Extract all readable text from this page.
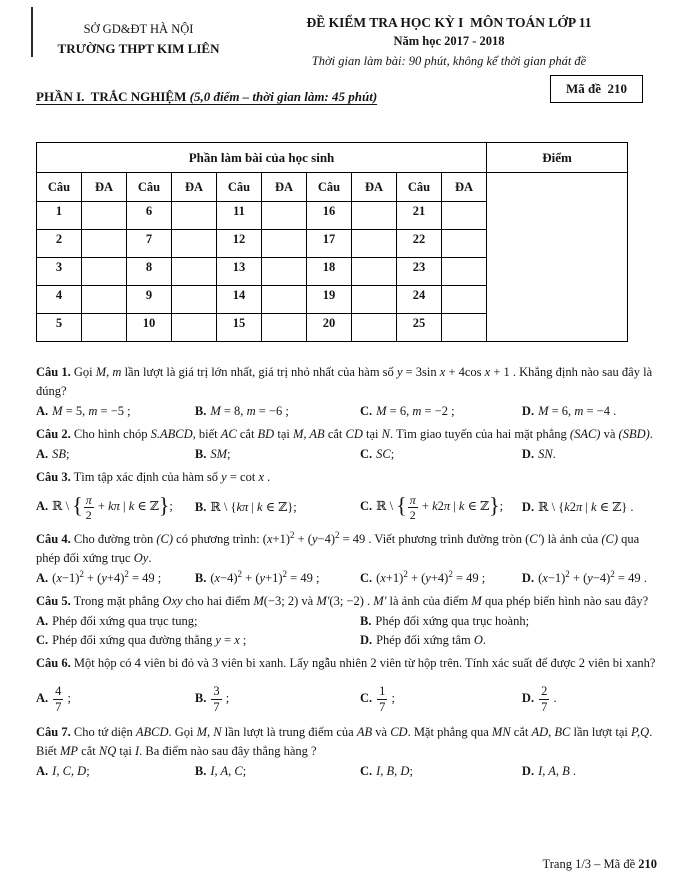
SỞ GD&ĐT HÀ NỘI
TRƯỜNG THPT KIM LIÊN
ĐỀ KIỂM TRA HỌC KỲ I  MÔN TOÁN LỚP 11
Năm học 2017 - 2018
Thời gian làm bài: 90 phút, không kể thời gian phát đề
PHẦN I.  TRẮC NGHIỆM (5,0 điểm – thời gian làm: 45 phút)
Mã đề  210
Phần làm bài của học sinh										Điểm
Câu	ĐA	Câu	ĐA	Câu	ĐA	Câu	ĐA	Câu	ĐA	
1		6		11		16		21		
2		7		12		17		22		
3		8		13		18		23		
4		9		14		19		24		
5		10		15		20		25		
Câu 1. Gọi M, m lần lượt là giá trị lớn nhất, giá trị nhỏ nhất của hàm số y = 3sin x + 4cos x + 1 . Khẳng định nào sau đây là đúng?
A. M = 5, m = −5 ;	B. M = 8, m = −6 ;	C. M = 6, m = −2 ;	D. M = 6, m = −4 .
Câu 2. Cho hình chóp S.ABCD, biết AC cắt BD tại M, AB cắt CD tại N. Tìm giao tuyến của hai mặt phẳng (SAC) và (SBD).
A. SB;	B. SM;	C. SC;	D. SN.
Câu 3. Tìm tập xác định của hàm số y = cot x .
A. ℝ \ { $\frac{\pi}{2} + k\pi$ | k ∈ ℤ};	B. ℝ \ {kπ | k ∈ ℤ};	C. ℝ \ { $\frac{\pi}{2} + k2\pi$ | k ∈ ℤ};	D. ℝ \ {k2π | k ∈ ℤ} .
Câu 4. Cho đường tròn (C) có phương trình: $(x+1)^2 + (y-4)^2 = 49$ . Viết phương trình đường tròn (C') là ảnh của (C) qua phép đối xứng trục Oy.
A. $(x-1)^2 + (y+4)^2 = 49$ ;	B. $(x-4)^2 + (y+1)^2 = 49$ ;	C. $(x+1)^2 + (y+4)^2 = 49$ ;	D. $(x-1)^2 + (y-4)^2 = 49$ .
Câu 5. Trong mặt phẳng Oxy cho hai điểm M(−3; 2) và M'(3; −2) . M' là ảnh của điểm M qua phép biến hình nào sau đây?
A. Phép đối xứng qua trục tung;	B. Phép đối xứng qua trục hoành;
C. Phép đối xứng qua đường thẳng y = x ;	D. Phép đối xứng tâm O.
Câu 6. Một hộp có 4 viên bi đỏ và 3 viên bi xanh. Lấy ngẫu nhiên 2 viên từ hộp trên. Tính xác suất để được 2 viên bi xanh?
A. $\frac{4}{7}$ ;	B. $\frac{3}{7}$ ;	C. $\frac{1}{7}$ ;	D. $\frac{2}{7}$ .
Câu 7. Cho tứ diện ABCD. Gọi M, N lần lượt là trung điểm của AB và CD. Mặt phẳng qua MN cắt AD, BC lần lượt tại P,Q. Biết MP cắt NQ tại I. Ba điểm nào sau đây thẳng hàng ?
A. I, C, D;	B. I, A, C;	C. I, B, D;	D. I, A, B .
Trang 1/3 – Mã đề 210
